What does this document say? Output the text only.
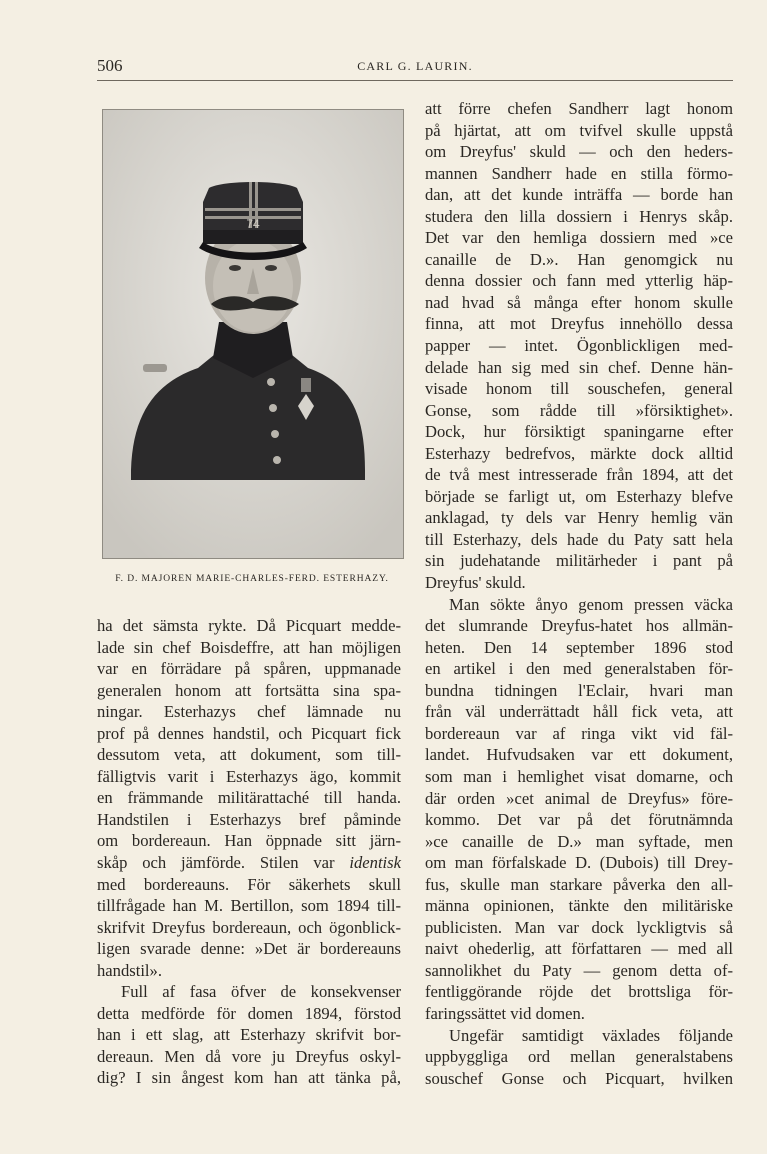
506	CARL G. LAURIN.
74
F. D. MAJOREN MARIE-CHARLES-FERD. ESTERHAZY.
ha det sämsta rykte. Då Picquart medde-
lade sin chef Boisdeffre, att han möjligen
var en förrädare på spåren, uppmanade
generalen honom att fortsätta sina spa-
ningar. Esterhazys chef lämnade nu
prof på dennes handstil, och Picquart fick
dessutom veta, att dokument, som till-
fälligtvis varit i Esterhazys ägo, kommit
en främmande militärattaché till handa.
Handstilen i Esterhazys bref påminde
om bordereaun. Han öppnade sitt järn-
skåp och jämförde. Stilen var identisk
med bordereauns. För säkerhets skull
tillfrågade han M. Bertillon, som 1894 till-
skrifvit Dreyfus bordereaun, och ögonblick-
ligen svarade denne: »Det är bordereauns
handstil».
Full af fasa öfver de konsekvenser
detta medförde för domen 1894, förstod
han i ett slag, att Esterhazy skrifvit bor-
dereaun. Men då vore ju Dreyfus oskyl-
dig? I sin ångest kom han att tänka på,
att förre chefen Sandherr lagt honom
på hjärtat, att om tvifvel skulle uppstå
om Dreyfus' skuld — och den heders-
mannen Sandherr hade en stilla förmo-
dan, att det kunde inträffa — borde han
studera den lilla dossiern i Henrys skåp.
Det var den hemliga dossiern med »ce
canaille de D.». Han genomgick nu
denna dossier och fann med ytterlig häp-
nad hvad så många efter honom skulle
finna, att mot Dreyfus innehöllo dessa
papper — intet. Ögonblickligen med-
delade han sig med sin chef. Denne hän-
visade honom till souschefen, general
Gonse, som rådde till »försiktighet».
Dock, hur försiktigt spaningarne efter
Esterhazy bedrefvos, märkte dock alltid
de två mest intresserade från 1894, att det
började se farligt ut, om Esterhazy blefve
anklagad, ty dels var Henry hemlig vän
till Esterhazy, dels hade du Paty satt hela
sin judehatande militärheder i pant på
Dreyfus' skuld.
Man sökte ånyo genom pressen väcka
det slumrande Dreyfus-hatet hos allmän-
heten. Den 14 september 1896 stod
en artikel i den med generalstaben för-
bundna tidningen l'Eclair, hvari man
från väl underrättadt håll fick veta, att
bordereaun var af ringa vikt vid fäl-
landet. Hufvudsaken var ett dokument,
som man i hemlighet visat domarne, och
där orden »cet animal de Dreyfus» före-
kommo. Det var på det förutnämnda
»ce canaille de D.» man syftade, men
om man förfalskade D. (Dubois) till Drey-
fus, skulle man starkare påverka den all-
männa opinionen, tänkte den militäriske
publicisten. Man var dock lyckligtvis så
naivt ohederlig, att författaren — med all
sannolikhet du Paty — genom detta of-
fentliggörande röjde det brottsliga för-
faringssättet vid domen.
Ungefär samtidigt växlades följande
uppbyggliga ord mellan generalstabens
souschef Gonse och Picquart, hvilken
